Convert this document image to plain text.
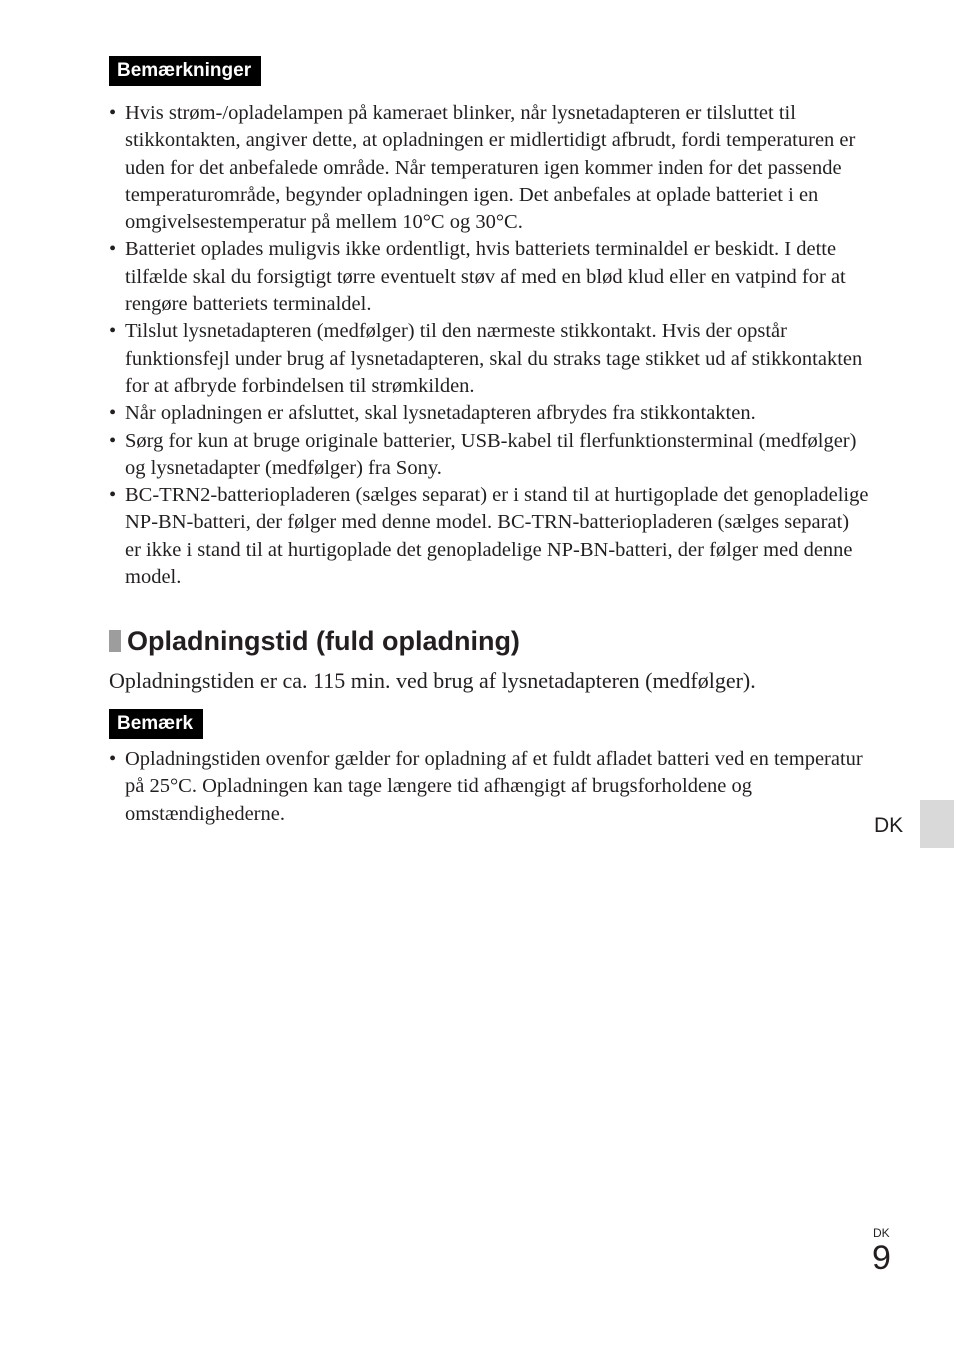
Bemærkninger
• Hvis strøm-/opladelampen på kameraet blinker, når lysnetadapteren er tilsluttet til stikkontakten, angiver dette, at opladningen er midlertidigt afbrudt, fordi temperaturen er uden for det anbefalede område. Når temperaturen igen kommer inden for det passende temperaturområde, begynder opladningen igen. Det anbefales at oplade batteriet i en omgivelsestemperatur på mellem 10°C og 30°C.
• Batteriet oplades muligvis ikke ordentligt, hvis batteriets terminaldel er beskidt. I dette tilfælde skal du forsigtigt tørre eventuelt støv af med en blød klud eller en vatpind for at rengøre batteriets terminaldel.
• Tilslut lysnetadapteren (medfølger) til den nærmeste stikkontakt. Hvis der opstår funktionsfejl under brug af lysnetadapteren, skal du straks tage stikket ud af stikkontakten for at afbryde forbindelsen til strømkilden.
• Når opladningen er afsluttet, skal lysnetadapteren afbrydes fra stikkontakten.
• Sørg for kun at bruge originale batterier, USB-kabel til flerfunktionsterminal (medfølger) og lysnetadapter (medfølger) fra Sony.
• BC-TRN2-batteriopladeren (sælges separat) er i stand til at hurtigoplade det genopladelige NP-BN-batteri, der følger med denne model. BC-TRN-batteriopladeren (sælges separat) er ikke i stand til at hurtigoplade det genopladelige NP-BN-batteri, der følger med denne model.
Opladningstid (fuld opladning)
Opladningstiden er ca. 115 min. ved brug af lysnetadapteren (medfølger).
Bemærk
• Opladningstiden ovenfor gælder for opladning af et fuldt afladet batteri ved en temperatur på 25°C. Opladningen kan tage længere tid afhængigt af brugsforholdene og omstændighederne.
DK
DK
9
